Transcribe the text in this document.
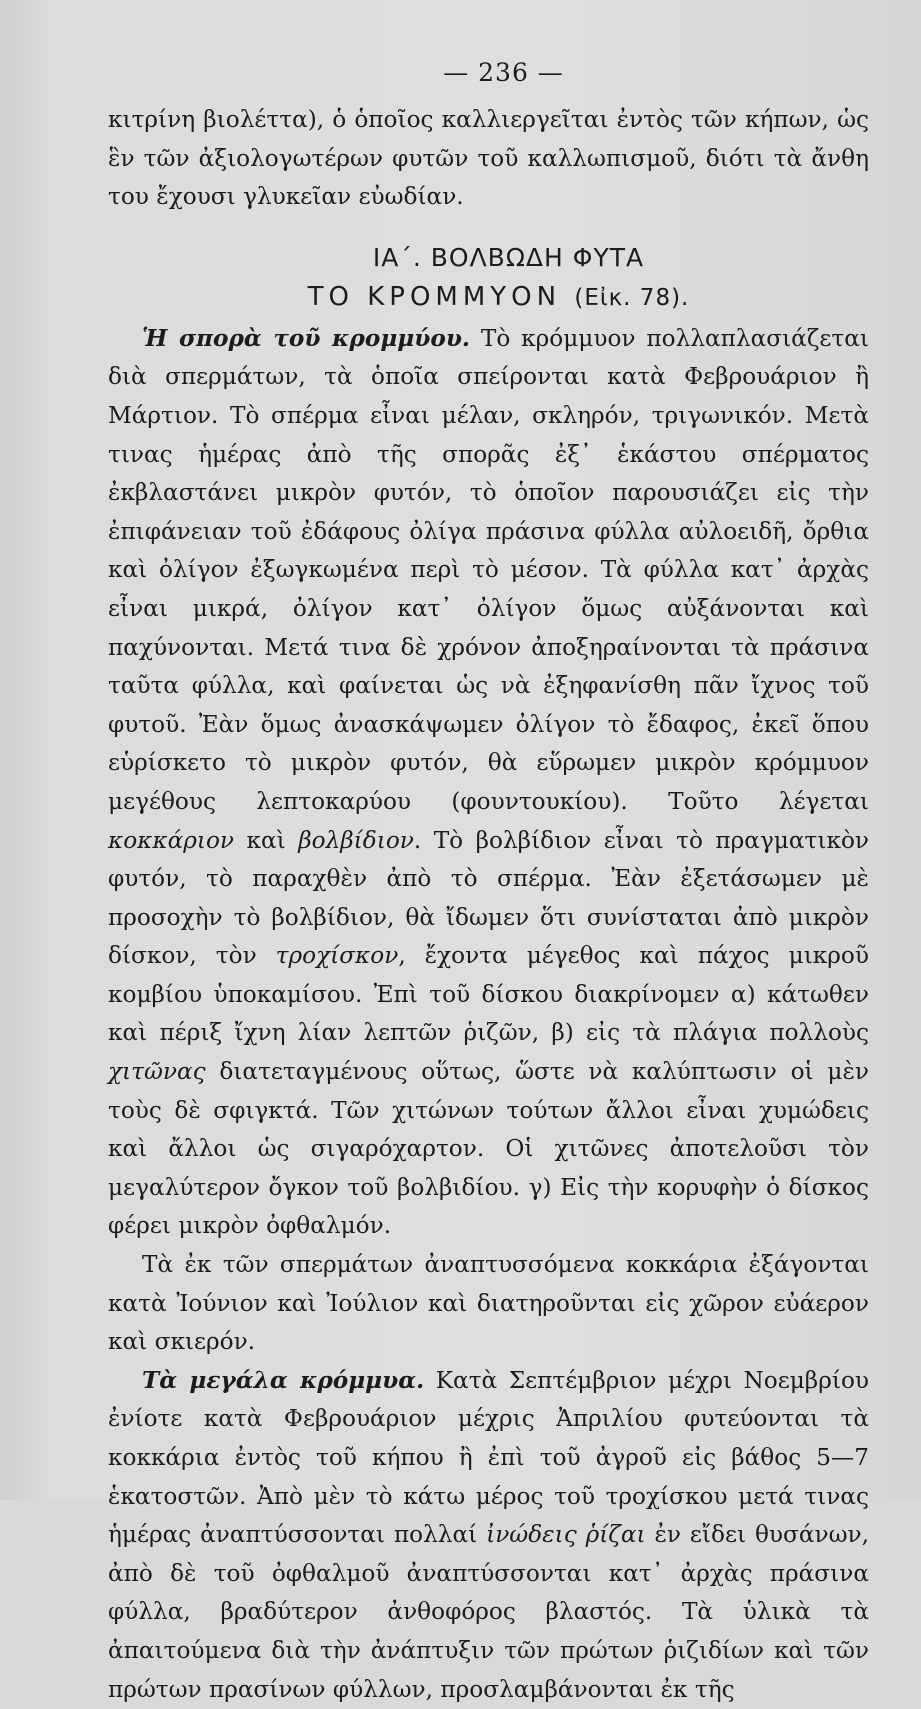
— 236 —

κιτρίνη βιολέττα), ὁ ὁποῖος καλλιεργεῖται ἐντὸς τῶν κήπων, ὡς ἓν τῶν ἀξιολογωτέρων φυτῶν τοῦ καλλωπισμοῦ, διότι τὰ ἄνθη του ἔχουσι γλυκεῖαν εὐωδίαν.

ΙΑ΄. ΒΟΛΒΩΔΗ ΦΥΤΑ
ΤΟ ΚΡΟΜΜΥΟΝ (Εἰκ. 78).

Ἡ σπορὰ τοῦ κρομμύου. Τὸ κρόμμυον πολλαπλασιάζεται διὰ σπερμάτων, τὰ ὁποῖα σπείρονται κατὰ Φεβρουάριον ἢ Μάρτιον. Τὸ σπέρμα εἶναι μέλαν, σκληρόν, τριγωνικόν. Μετὰ τινας ἡμέρας ἀπὸ τῆς σπορᾶς ἐξ᾽ ἑκάστου σπέρματος ἐκβλαστάνει μικρὸν φυτόν, τὸ ὁποῖον παρουσιάζει εἰς τὴν ἐπιφάνειαν τοῦ ἐδάφους ὀλίγα πράσινα φύλλα αὐλοειδῆ, ὄρθια καὶ ὀλίγον ἐξωγκωμένα περὶ τὸ μέσον. Τὰ φύλλα κατ᾽ ἀρχὰς εἶναι μικρά, ὀλίγον κατ᾽ ὀλίγον ὅμως αὐξάνονται καὶ παχύνονται. Μετά τινα δὲ χρόνον ἀποξηραίνονται τὰ πράσινα ταῦτα φύλλα, καὶ φαίνεται ὡς νὰ ἐξηφανίσθη πᾶν ἴχνος τοῦ φυτοῦ. Ἐὰν ὅμως ἀνασκάψωμεν ὀλίγον τὸ ἔδαφος, ἐκεῖ ὅπου εὑρίσκετο τὸ μικρὸν φυτόν, θὰ εὕρωμεν μικρὸν κρόμμυον μεγέθους λεπτοκαρύου (φουντουκίου). Τοῦτο λέγεται κοκκάριον καὶ βολβίδιον. Τὸ βολβίδιον εἶναι τὸ πραγματικὸν φυτόν, τὸ παραχθὲν ἀπὸ τὸ σπέρμα. Ἐὰν ἐξετάσωμεν μὲ προσοχὴν τὸ βολβίδιον, θὰ ἴδωμεν ὅτι συνίσταται ἀπὸ μικρὸν δίσκον, τὸν τροχίσκον, ἔχοντα μέγεθος καὶ πάχος μικροῦ κομβίου ὑποκαμίσου. Ἐπὶ τοῦ δίσκου διακρίνομεν α) κάτωθεν καὶ πέριξ ἴχνη λίαν λεπτῶν ῥιζῶν, β) εἰς τὰ πλάγια πολλοὺς χιτῶνας διατεταγμένους οὕτως, ὥστε νὰ καλύπτωσιν οἱ μὲν τοὺς δὲ σφιγκτά. Τῶν χιτώνων τούτων ἄλλοι εἶναι χυμώδεις καὶ ἄλλοι ὡς σιγαρόχαρτον. Οἱ χιτῶνες ἀποτελοῦσι τὸν μεγαλύτερον ὄγκον τοῦ βολβιδίου. γ) Εἰς τὴν κορυφὴν ὁ δίσκος φέρει μικρὸν ὀφθαλμόν.

Τὰ ἐκ τῶν σπερμάτων ἀναπτυσσόμενα κοκκάρια ἐξάγονται κατὰ Ἰούνιον καὶ Ἰούλιον καὶ διατηροῦνται εἰς χῶρον εὐάερον καὶ σκιερόν.

Τὰ μεγάλα κρόμμυα. Κατὰ Σεπτέμβριον μέχρι Νοεμβρίου ἐνίοτε κατὰ Φεβρουάριον μέχρις Ἀπριλίου φυτεύονται τὰ κοκκάρια ἐντὸς τοῦ κήπου ἢ ἐπὶ τοῦ ἀγροῦ εἰς βάθος 5—7 ἑκατοστῶν. Ἀπὸ μὲν τὸ κάτω μέρος τοῦ τροχίσκου μετά τινας ἡμέρας ἀναπτύσσονται πολλαί ἰνώδεις ῥίζαι ἐν εἴδει θυσάνων, ἀπὸ δὲ τοῦ ὀφθαλμοῦ ἀναπτύσσονται κατ᾽ ἀρχὰς πράσινα φύλλα, βραδύτερον ἀνθοφόρος βλαστός. Τὰ ὑλικὰ τὰ ἀπαιτούμενα διὰ τὴν ἀνάπτυξιν τῶν πρώτων ῥιζιδίων καὶ τῶν πρώτων πρασίνων φύλλων, προσλαμβάνονται ἐκ τῆς
